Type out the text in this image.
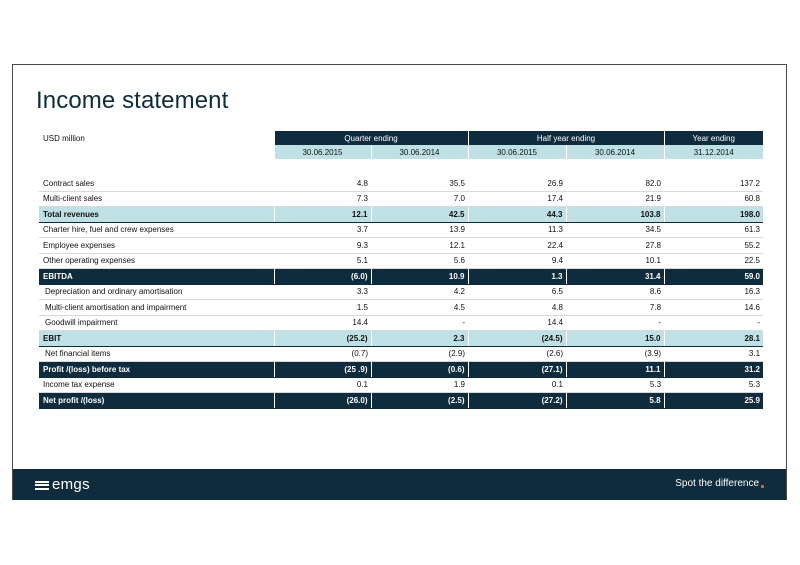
Income statement
USD million	Quarter ending		Half year ending		Year ending
	30.06.2015	30.06.2014	30.06.2015	30.06.2014	31.12.2014

Contract sales	4.8	35.5	26.9	82.0	137.2
Multi-client sales	7.3	7.0	17.4	21.9	60.8
Total revenues	12.1	42.5	44.3	103.8	198.0
Charter hire, fuel and crew expenses	3.7	13.9	11.3	34.5	61.3
Employee expenses	9.3	12.1	22.4	27.8	55.2
Other operating expenses	5.1	5.6	9.4	10.1	22.5
EBITDA	(6.0)	10.9	1.3	31.4	59.0
Depreciation and ordinary amortisation	3.3	4.2	6.5	8.6	16.3
Multi-client amortisation and impairment	1.5	4.5	4.8	7.8	14.6
Goodwill impairment	14.4	-	14.4	-	-
EBIT	(25.2)	2.3	(24.5)	15.0	28.1
Net financial items	(0.7)	(2.9)	(2.6)	(3.9)	3.1
Profit /(loss) before tax	(25 .9)	(0.6)	(27.1)	11.1	31.2
Income tax expense	0.1	1.9	0.1	5.3	5.3
Net profit /(loss)	(26.0)	(2.5)	(27.2)	5.8	25.9
emgs	Spot the difference
